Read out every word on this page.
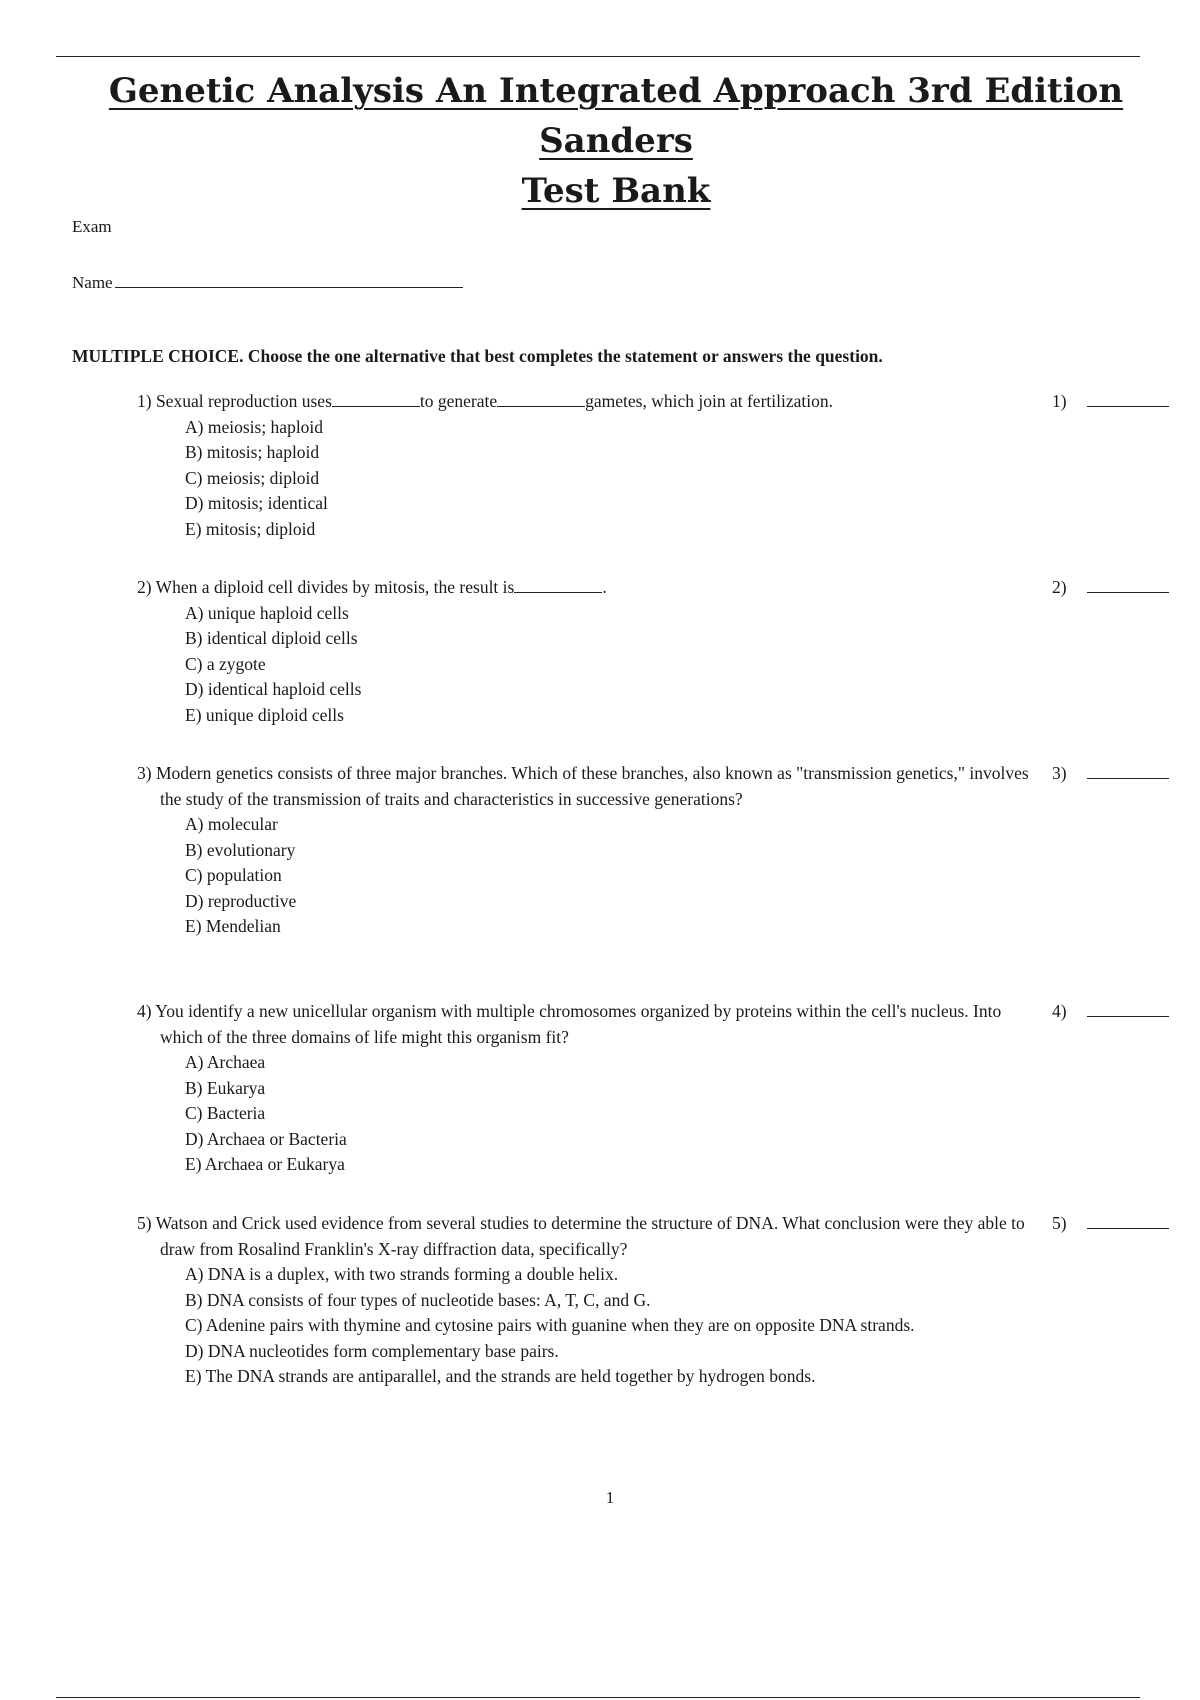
Genetic Analysis An Integrated Approach 3rd Edition Sanders
Test Bank
Exam
Name
MULTIPLE CHOICE. Choose the one alternative that best completes the statement or answers the question.
1) Sexual reproduction uses	to generate	gametes, which join at fertilization.
A) meiosis; haploid
B) mitosis; haploid
C) meiosis; diploid
D) mitosis; identical
E) mitosis; diploid
1)
2) When a diploid cell divides by mitosis, the result is	.
A) unique haploid cells
B) identical diploid cells
C) a zygote
D) identical haploid cells
E) unique diploid cells
2)
3) Modern genetics consists of three major branches. Which of these branches, also known as "transmission genetics," involves the study of the transmission of traits and characteristics in successive generations?
A) molecular
B) evolutionary
C) population
D) reproductive
E) Mendelian
3)
4) You identify a new unicellular organism with multiple chromosomes organized by proteins within the cell's nucleus. Into which of the three domains of life might this organism fit?
A) Archaea
B) Eukarya
C) Bacteria
D) Archaea or Bacteria
E) Archaea or Eukarya
4)
5) Watson and Crick used evidence from several studies to determine the structure of DNA. What conclusion were they able to draw from Rosalind Franklin's X-ray diffraction data, specifically?
A) DNA is a duplex, with two strands forming a double helix.
B) DNA consists of four types of nucleotide bases: A, T, C, and G.
C) Adenine pairs with thymine and cytosine pairs with guanine when they are on opposite DNA strands.
D) DNA nucleotides form complementary base pairs.
E) The DNA strands are antiparallel, and the strands are held together by hydrogen bonds.
5)
1
